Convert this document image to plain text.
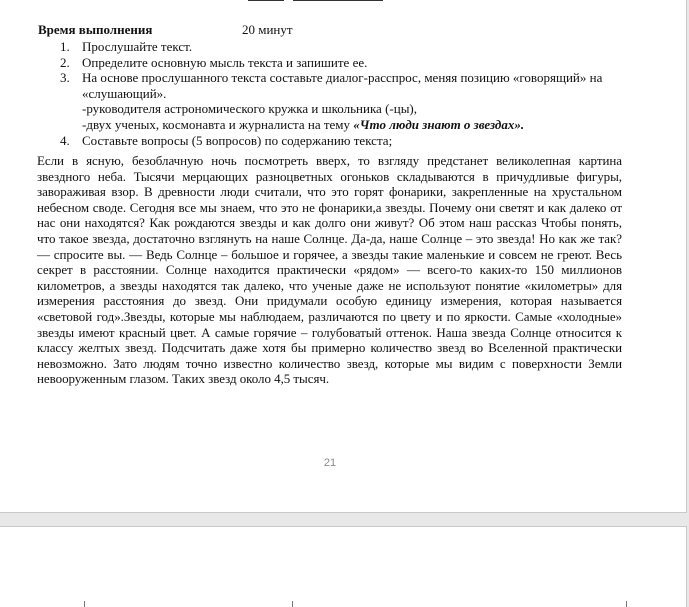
Время выполнения	20 минут
1. Прослушайте текст.
2. Определите основную мысль текста и запишите ее.
3. На основе прослушанного текста составьте диалог-расспрос, меняя позицию «говорящий» на «слушающий».
-руководителя астрономического кружка и школьника (-цы),
-двух ученых, космонавта и журналиста на тему «Что люди знают о звездах».
4. Составьте вопросы (5 вопросов) по содержанию текста;

Если в ясную, безоблачную ночь посмотреть вверх, то взгляду предстанет великолепная картина звездного неба. Тысячи мерцающих разноцветных огоньков складываются в причудливые фигуры, завораживая взор. В древности люди считали, что это горят фонарики, закрепленные на хрустальном небесном своде. Сегодня все мы знаем, что это не фонарики,а звезды. Почему они светят и как далеко от нас они находятся? Как рождаются звезды и как долго они живут? Об этом наш рассказ Чтобы понять, что такое звезда, достаточно взглянуть на наше Солнце. Да-да, наше Солнце – это звезда! Но как же так? — спросите вы. — Ведь Солнце – большое и горячее, а звезды такие маленькие и совсем не греют. Весь секрет в расстоянии. Солнце находится практически «рядом» — всего-то каких-то 150 миллионов километров, а звезды находятся так далеко, что ученые даже не используют понятие «километры» для измерения расстояния до звезд. Они придумали особую единицу измерения, которая называется «световой год».Звезды, которые мы наблюдаем, различаются по цвету и по яркости. Самые «холодные» звезды имеют красный цвет. А самые горячие – голубоватый оттенок. Наша звезда Солнце относится к классу желтых звезд. Подсчитать даже хотя бы примерно количество звезд во Вселенной практически невозможно. Зато людям точно известно количество звезд, которые мы видим с поверхности Земли невооруженным глазом. Таких звезд около 4,5 тысяч.

21
